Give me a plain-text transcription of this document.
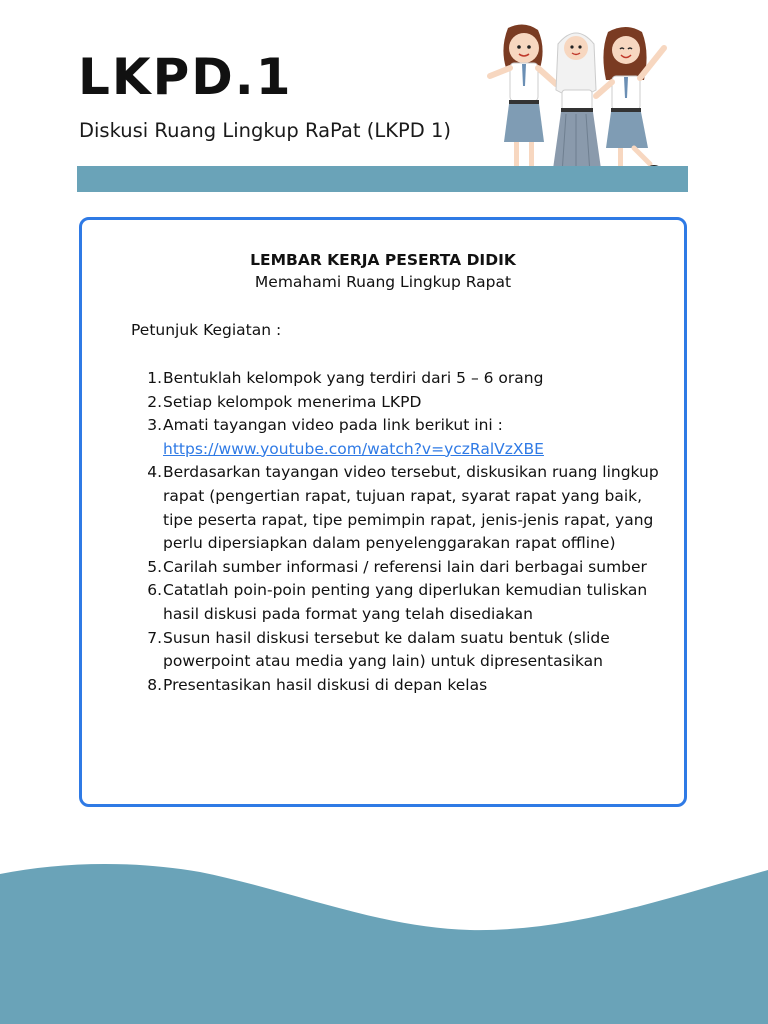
LKPD.1
Diskusi Ruang Lingkup RaPat (LKPD 1)
LEMBAR KERJA PESERTA DIDIK
Memahami Ruang Lingkup Rapat
Petunjuk Kegiatan :
1. Bentuklah kelompok yang terdiri dari 5 – 6 orang
2. Setiap kelompok menerima LKPD
3. Amati tayangan video pada link berikut ini :
https://www.youtube.com/watch?v=yczRalVzXBE
4. Berdasarkan tayangan video tersebut, diskusikan ruang lingkup rapat (pengertian rapat, tujuan rapat, syarat rapat yang baik, tipe peserta rapat, tipe pemimpin rapat, jenis-jenis rapat, yang perlu dipersiapkan dalam penyelenggarakan rapat offline)
5. Carilah sumber informasi / referensi lain dari berbagai sumber
6. Catatlah poin-poin penting yang diperlukan kemudian tuliskan hasil diskusi pada format yang telah disediakan
7. Susun hasil diskusi tersebut ke dalam suatu bentuk (slide powerpoint atau media yang lain) untuk dipresentasikan
8. Presentasikan hasil diskusi di depan kelas
